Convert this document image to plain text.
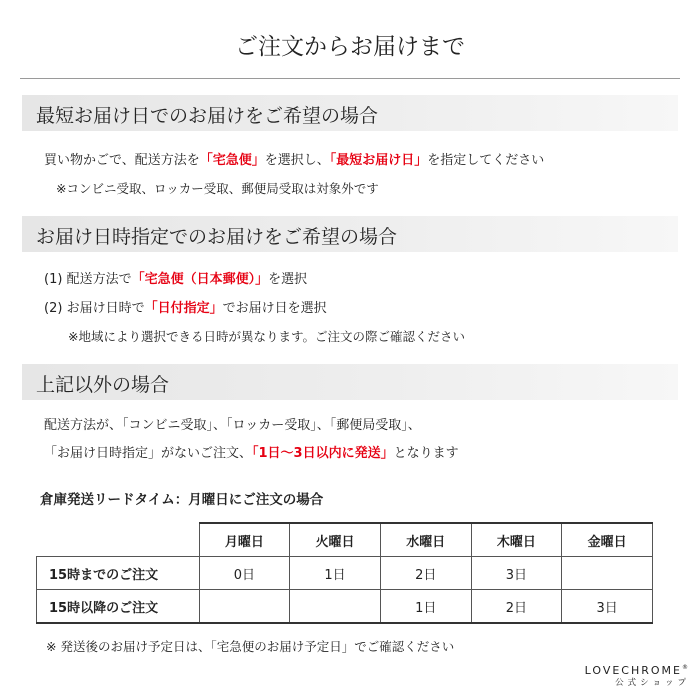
ご注文からお届けまで
最短お届け日でのお届けをご希望の場合
買い物かごで、配送方法を「宅急便」を選択し、「最短お届け日」を指定してください
※コンビニ受取、ロッカー受取、郵便局受取は対象外です
お届け日時指定でのお届けをご希望の場合
(1) 配送方法で「宅急便（日本郵便）」を選択
(2) お届け日時で「日付指定」でお届け日を選択
※地域により選択できる日時が異なります。ご注文の際ご確認ください
上記以外の場合
配送方法が、「コンビニ受取」、「ロッカー受取」、「郵便局受取」、
「お届け日時指定」がないご注文、「1日～3日以内に発送」となります
倉庫発送リードタイム：月曜日にご注文の場合
	月曜日	火曜日	水曜日	木曜日	金曜日
15時までのご注文	0日	1日	2日	3日	
15時以降のご注文			1日	2日	3日
※ 発送後のお届け予定日は、「宅急便のお届け予定日」でご確認ください
LOVECHROME®
公式ショップ
